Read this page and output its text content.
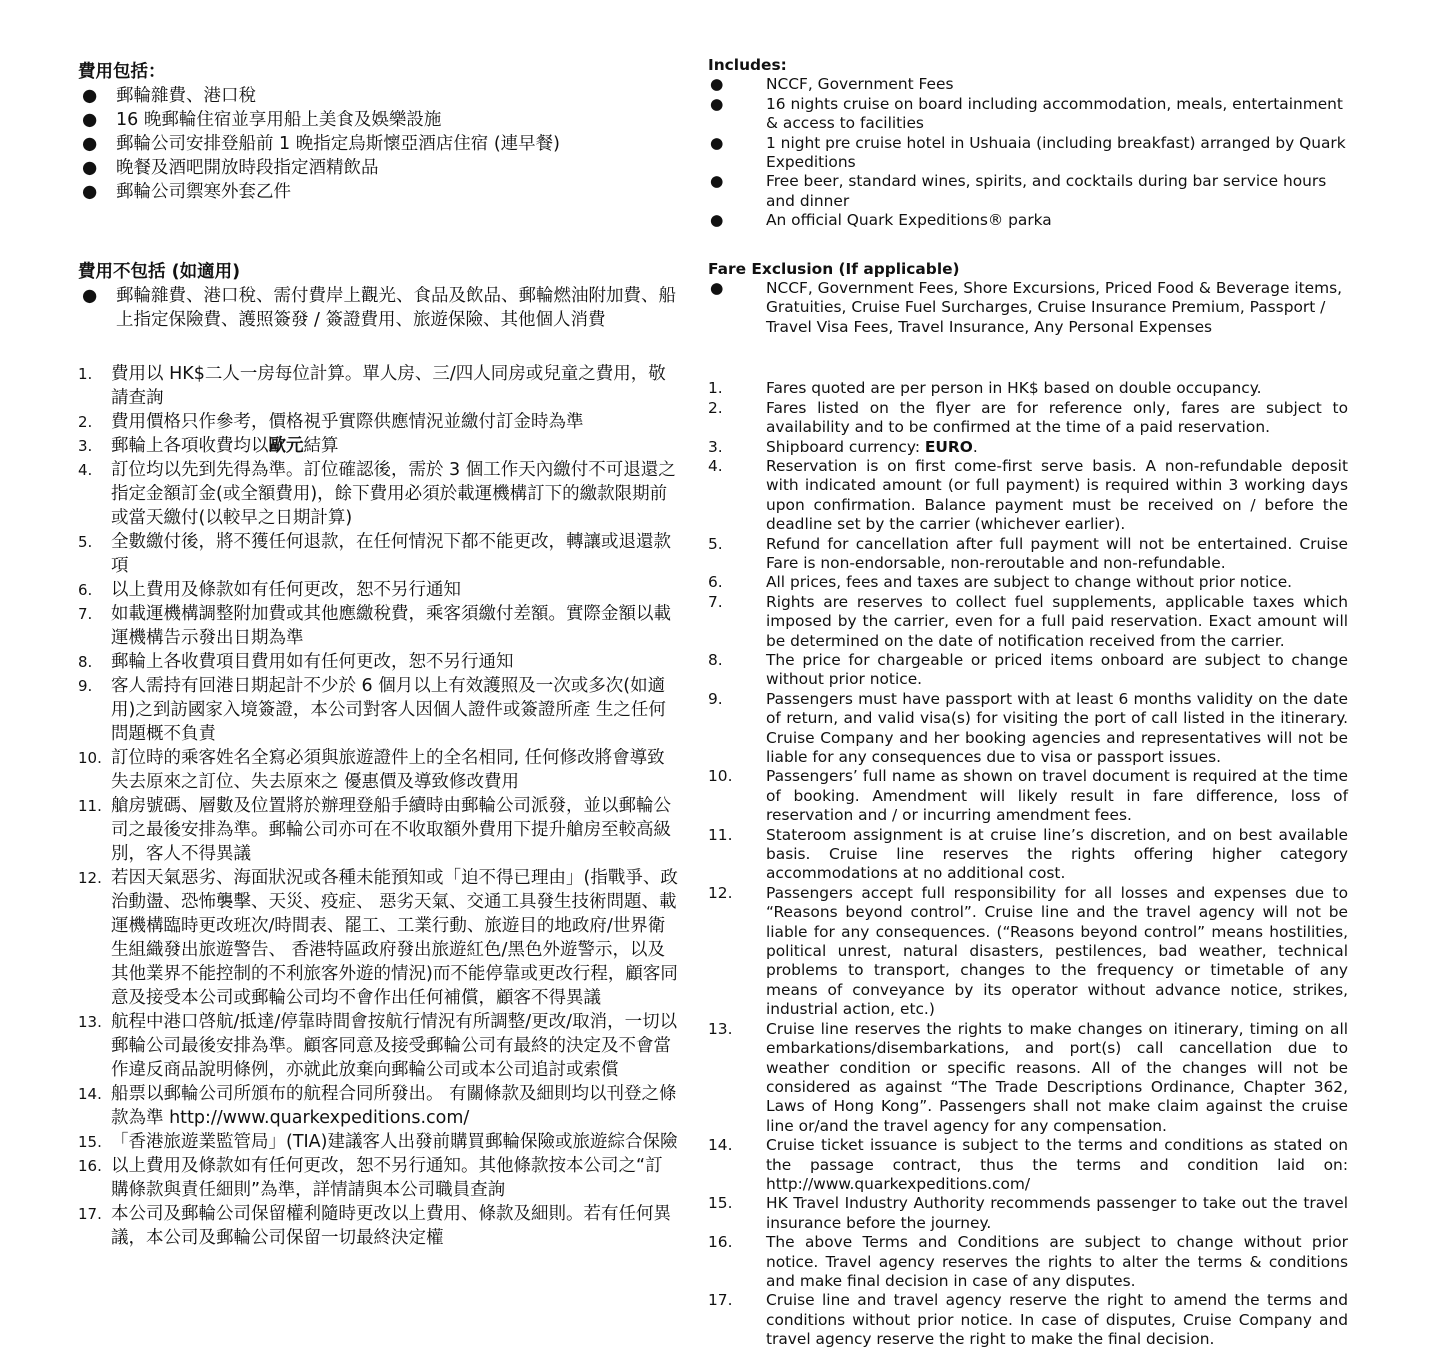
費用包括：

● 郵輪雜費、港口稅
● 16 晚郵輪住宿並享用船上美食及娛樂設施
● 郵輪公司安排登船前 1 晚指定烏斯懷亞酒店住宿 (連早餐)
● 晚餐及酒吧開放時段指定酒精飲品
● 郵輪公司禦寒外套乙件

費用不包括 (如適用)

● 郵輪雜費、港口稅、需付費岸上觀光、食品及飲品、郵輪燃油附加費、船上指定保險費、護照簽發 / 簽證費用、旅遊保險、其他個人消費
1. 費用以 HK$二人一房每位計算。單人房、三/四人同房或兒童之費用，敬請查詢
2. 費用價格只作參考，價格視乎實際供應情況並繳付訂金時為準
3. 郵輪上各項收費均以歐元結算
4. 訂位均以先到先得為準。訂位確認後，需於 3 個工作天內繳付不可退還之指定金額訂金(或全額費用)，餘下費用必須於載運機構訂下的繳款限期前或當天繳付(以較早之日期計算)
5. 全數繳付後，將不獲任何退款，在任何情況下都不能更改，轉讓或退還款項
6. 以上費用及條款如有任何更改，恕不另行通知
7. 如載運機構調整附加費或其他應繳稅費，乘客須繳付差額。實際金額以載運機構告示發出日期為準
8. 郵輪上各收費項目費用如有任何更改，恕不另行通知
9. 客人需持有回港日期起計不少於 6 個月以上有效護照及一次或多次(如適用)之到訪國家入境簽證，本公司對客人因個人證件或簽證所產 生之任何問題概不負責
10. 訂位時的乘客姓名全寫必須與旅遊證件上的全名相同, 任何修改將會導致失去原來之訂位、失去原來之 優惠價及導致修改費用
11. 艙房號碼、層數及位置將於辦理登船手續時由郵輪公司派發，並以郵輪公司之最後安排為準。郵輪公司亦可在不收取額外費用下提升艙房至較高級別，客人不得異議
12. 若因天氣惡劣、海面狀況或各種未能預知或「迫不得已理由」(指戰爭、政治動盪、恐怖襲擊、天災、疫症、 惡劣天氣、交通工具發生技術問題、載運機構臨時更改班次/時間表、罷工、工業行動、旅遊目的地政府/世界衛生組織發出旅遊警告、 香港特區政府發出旅遊紅色/黑色外遊警示，以及其他業界不能控制的不利旅客外遊的情況)而不能停靠或更改行程，顧客同意及接受本公司或郵輪公司均不會作出任何補償，顧客不得異議
13. 航程中港口啓航/抵達/停靠時間會按航行情況有所調整/更改/取消，一切以郵輪公司最後安排為準。顧客同意及接受郵輪公司有最終的決定及不會當作違反商品說明條例，亦就此放棄向郵輪公司或本公司追討或索償
14. 船票以郵輪公司所頒布的航程合同所發出。 有關條款及細則均以刊登之條款為準 http://www.quarkexpeditions.com/
15. 「香港旅遊業監管局」(TIA)建議客人出發前購買郵輪保險或旅遊綜合保險
16. 以上費用及條款如有任何更改，恕不另行通知。其他條款按本公司之“訂購條款與責任細則”為準，詳情請與本公司職員查詢
17. 本公司及郵輪公司保留權利隨時更改以上費用、條款及細則。若有任何異議，本公司及郵輪公司保留一切最終決定權

Includes:

●	NCCF, Government Fees
●	16 nights cruise on board including accommodation, meals, entertainment & access to facilities
●	1 night pre cruise hotel in Ushuaia (including breakfast) arranged by Quark Expeditions
●	Free beer, standard wines, spirits, and cocktails during bar service hours and dinner
●	An official Quark Expeditions® parka

Fare Exclusion (If applicable)

●	NCCF, Government Fees, Shore Excursions, Priced Food & Beverage items, Gratuities, Cruise Fuel Surcharges, Cruise Insurance Premium, Passport / Travel Visa Fees, Travel Insurance, Any Personal Expenses
1.	Fares quoted are per person in HK$ based on double occupancy.
2.	Fares listed on the flyer are for reference only, fares are subject to availability and to be confirmed at the time of a paid reservation.
3.	Shipboard currency: EURO.
4.	Reservation is on first come-first serve basis. A non-refundable deposit with indicated amount (or full payment) is required within 3 working days upon confirmation. Balance payment must be received on / before the deadline set by the carrier (whichever earlier).
5.	Refund for cancellation after full payment will not be entertained. Cruise Fare is non-endorsable, non-reroutable and non-refundable.
6.	All prices, fees and taxes are subject to change without prior notice.
7.	Rights are reserves to collect fuel supplements, applicable taxes which imposed by the carrier, even for a full paid reservation. Exact amount will be determined on the date of notification received from the carrier.
8.	The price for chargeable or priced items onboard are subject to change without prior notice.
9.	Passengers must have passport with at least 6 months validity on the date of return, and valid visa(s) for visiting the port of call listed in the itinerary. Cruise Company and her booking agencies and representatives will not be liable for any consequences due to visa or passport issues.
10. Passengers’ full name as shown on travel document is required at the time of booking. Amendment will likely result in fare difference, loss of reservation and / or incurring amendment fees.
11. Stateroom assignment is at cruise line’s discretion, and on best available basis. Cruise line reserves the rights offering higher category accommodations at no additional cost.
12. Passengers accept full responsibility for all losses and expenses due to “Reasons beyond control”. Cruise line and the travel agency will not be liable for any consequences. (“Reasons beyond control” means hostilities, political unrest, natural disasters, pestilences, bad weather, technical problems to transport, changes to the frequency or timetable of any means of conveyance by its operator without advance notice, strikes, industrial action, etc.)
13. Cruise line reserves the rights to make changes on itinerary, timing on all embarkations/disembarkations, and port(s) call cancellation due to weather condition or specific reasons. All of the changes will not be considered as against “The Trade Descriptions Ordinance, Chapter 362, Laws of Hong Kong”. Passengers shall not make claim against the cruise line or/and the travel agency for any compensation.
14. Cruise ticket issuance is subject to the terms and conditions as stated on the passage contract, thus the terms and condition laid on: http://www.quarkexpeditions.com/
15. HK Travel Industry Authority recommends passenger to take out the travel insurance before the journey.
16. The above Terms and Conditions are subject to change without prior notice. Travel agency reserves the rights to alter the terms & conditions and make final decision in case of any disputes.
17. Cruise line and travel agency reserve the right to amend the terms and conditions without prior notice. In case of disputes, Cruise Company and travel agency reserve the right to make the final decision.
